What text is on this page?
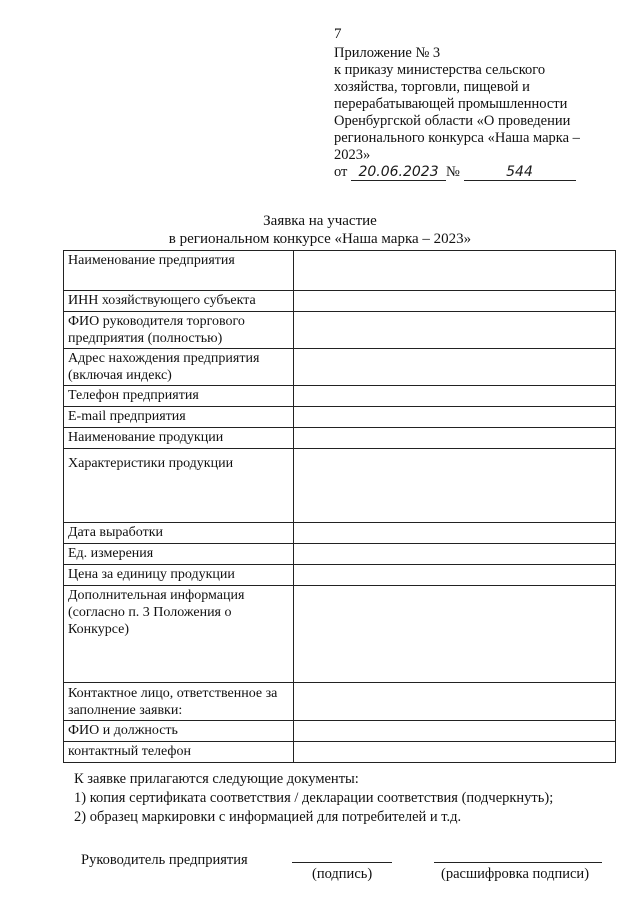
7
Приложение № 3
к приказу министерства сельского
хозяйства, торговли, пищевой и
перерабатывающей промышленности
Оренбургской области «О проведении
регионального конкурса «Наша марка –
2023»
от 20.06.2023 №	544
Заявка на участие
в региональном конкурсе «Наша марка – 2023»
Наименование предприятия	
ИНН хозяйствующего субъекта	
ФИО руководителя торгового предприятия (полностью)	
Адрес нахождения предприятия (включая индекс)	
Телефон предприятия	
E-mail предприятия	
Наименование продукции	
Характеристики продукции	
Дата выработки	
Ед. измерения	
Цена за единицу продукции	
Дополнительная информация (согласно п. 3 Положения о Конкурсе)	
Контактное лицо, ответственное за заполнение заявки:	
ФИО и должность	
контактный телефон	
К заявке прилагаются следующие документы:
1) копия сертификата соответствия / декларации соответствия (подчеркнуть);
2) образец маркировки с информацией для потребителей и т.д.
Руководитель предприятия
(подпись)	(расшифровка подписи)
